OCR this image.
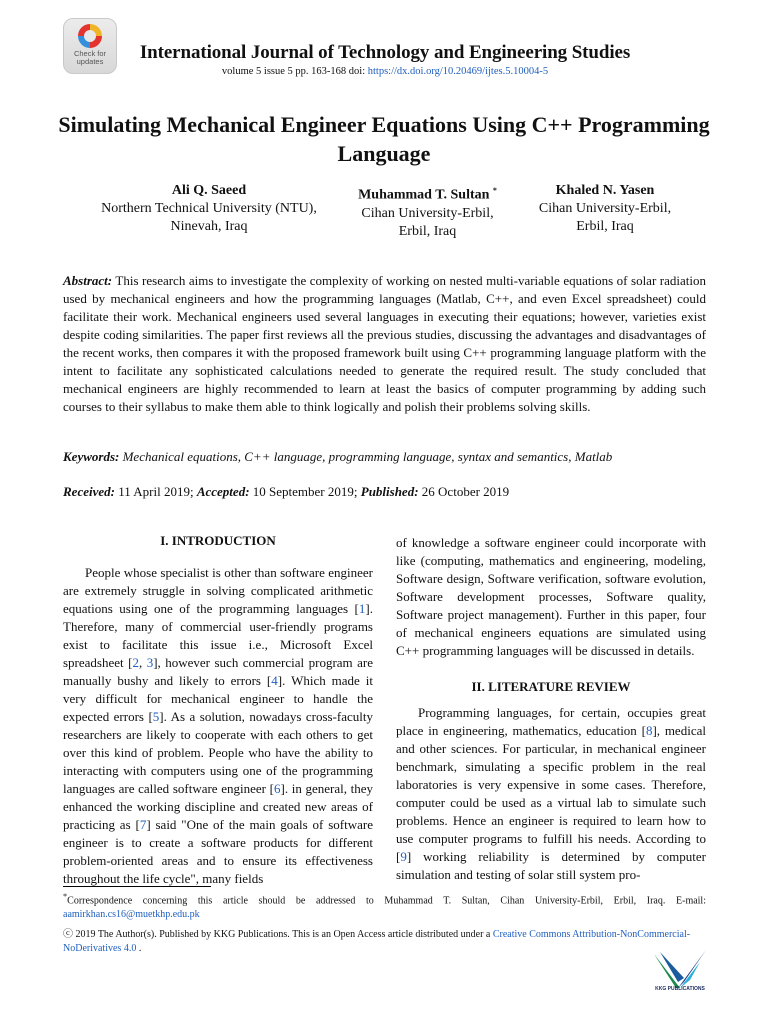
Check for
updates	International Journal of Technology and Engineering Studies
volume 5 issue 5 pp. 163-168 doi: https://dx.doi.org/10.20469/ijtes.5.10004-5
Simulating Mechanical Engineer Equations Using C++ Programming Language
Ali Q. Saeed
Northern Technical University (NTU),
Ninevah, Iraq
Muhammad T. Sultan *
Cihan University-Erbil,
Erbil, Iraq
Khaled N. Yasen
Cihan University-Erbil,
Erbil, Iraq
Abstract: This research aims to investigate the complexity of working on nested multi-variable equations of solar radiation used by mechanical engineers and how the programming languages (Matlab, C++, and even Excel spreadsheet) could facilitate their work. Mechanical engineers used several languages in executing their equations; however, varieties exist despite coding similarities. The paper first reviews all the previous studies, discussing the advantages and disadvantages of the recent works, then compares it with the proposed framework built using C++ programming language platform with the intent to facilitate any sophisticated calculations needed to generate the required result. The study concluded that mechanical engineers are highly recommended to learn at least the basics of computer programming by adding such courses to their syllabus to make them able to think logically and polish their problems solving skills.
Keywords: Mechanical equations, C++ language, programming language, syntax and semantics, Matlab
Received: 11 April 2019; Accepted: 10 September 2019; Published: 26 October 2019
I. INTRODUCTION

People whose specialist is other than software engineer are extremely struggle in solving complicated arithmetic equations using one of the programming languages [1]. Therefore, many of commercial user-friendly programs exist to facilitate this issue i.e., Microsoft Excel spreadsheet [2, 3], however such commercial program are manually bushy and likely to errors [4]. Which made it very difficult for mechanical engineer to handle the expected errors [5]. As a solution, nowadays cross-faculty researchers are likely to cooperate with each others to get over this kind of problem. People who have the ability to interacting with computers using one of the programming languages are called software engineer [6]. in general, they enhanced the working discipline and created new areas of practicing as [7] said "One of the main goals of software engineer is to create a software products for different problem-oriented areas and to ensure its effectiveness throughout the life cycle", many fields

of knowledge a software engineer could incorporate with like (computing, mathematics and engineering, modeling, Software design, Software verification, software evolution, Software development processes, Software quality, Software project management). Further in this paper, four of mechanical engineers equations are simulated using C++ programming languages will be discussed in details.

II. LITERATURE REVIEW

Programming languages, for certain, occupies great place in engineering, mathematics, education [8], medical and other sciences. For particular, in mechanical engineer benchmark, simulating a specific problem in the real laboratories is very expensive in some cases. Therefore, computer could be used as a virtual lab to simulate such problems. Hence an engineer is required to learn how to use computer programs to fulfill his needs. According to [9] working reliability is determined by computer simulation and testing of solar still system pro-

*Correspondence concerning this article should be addressed to Muhammad T. Sultan, Cihan University-Erbil, Erbil, Iraq. E-mail: aamirkhan.cs16@muetkhp.edu.pk
ⓒ 2019 The Author(s). Published by KKG Publications. This is an Open Access article distributed under a Creative Commons Attribution-NonCommercial-NoDerivatives 4.0 .
KKG PUBLICATIONS
